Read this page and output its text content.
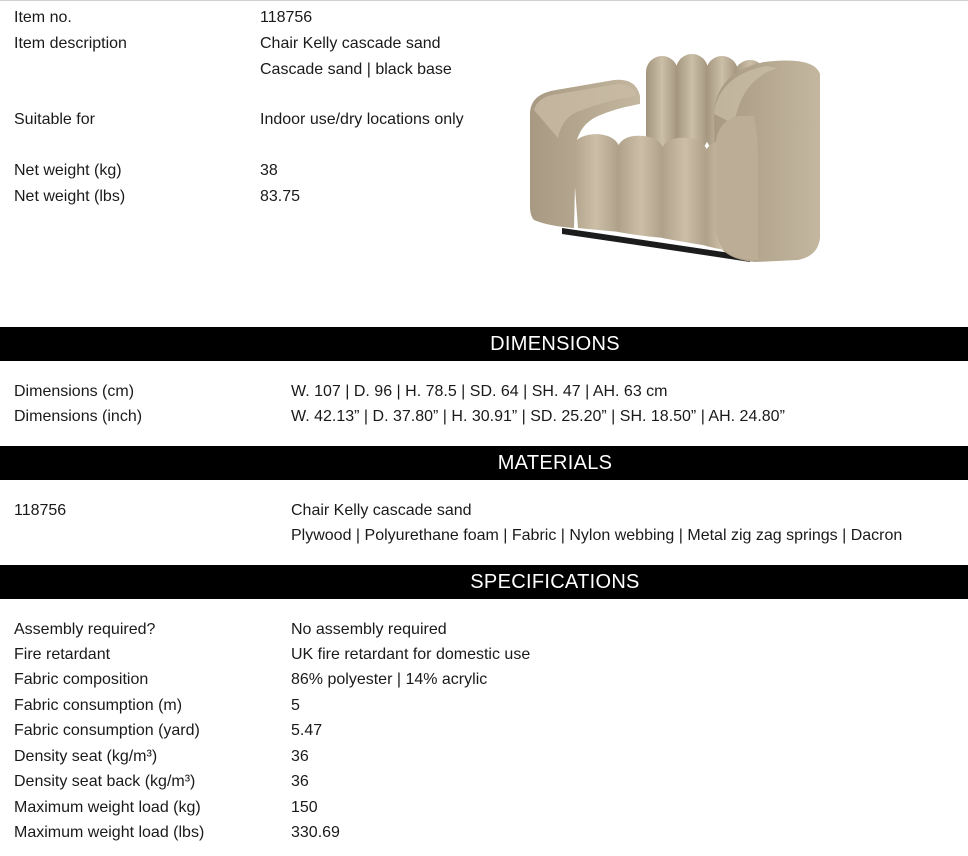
Item no.	118756
Item description	Chair Kelly cascade sand
Cascade sand | black base
Suitable for	Indoor use/dry locations only
Net weight (kg)	38
Net weight (lbs)	83.75
DIMENSIONS
Dimensions (cm)	W. 107 | D. 96 | H. 78.5 | SD. 64 | SH. 47 | AH. 63 cm
Dimensions (inch)	W. 42.13” | D. 37.80” | H. 30.91” | SD. 25.20” | SH. 18.50” | AH. 24.80”
MATERIALS
118756	Chair Kelly cascade sand
Plywood | Polyurethane foam | Fabric | Nylon webbing | Metal zig zag springs | Dacron
SPECIFICATIONS
Assembly required?	No assembly required
Fire retardant	UK fire retardant for domestic use
Fabric composition	86% polyester | 14% acrylic
Fabric consumption (m)	5
Fabric consumption (yard)	5.47
Density seat (kg/m³)	36
Density seat back (kg/m³)	36
Maximum weight load (kg)	150
Maximum weight load (lbs)	330.69
